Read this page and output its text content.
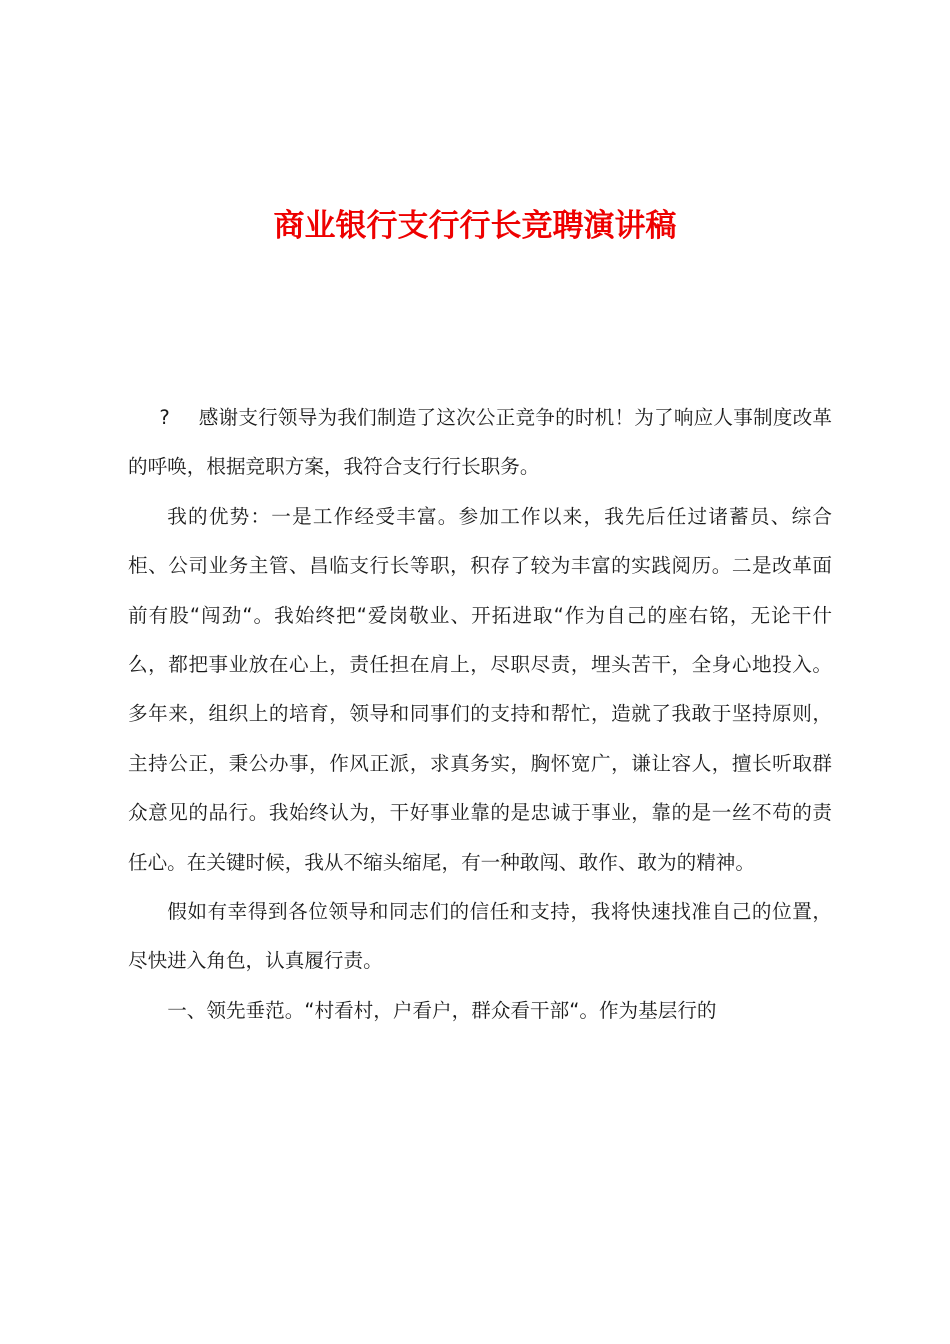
商业银行支行行长竞聘演讲稿

? 感谢支行领导为我们制造了这次公正竞争的时机！为了响应人事制度改革的呼唤，根据竞职方案，我符合支行行长职务。

我的优势：一是工作经受丰富。参加工作以来，我先后任过诸蓄员、综合柜、公司业务主管、昌临支行长等职，积存了较为丰富的实践阅历。二是改革面前有股“闯劲“。我始终把“爱岗敬业、开拓进取“作为自己的座右铭，无论干什么，都把事业放在心上，责任担在肩上，尽职尽责，埋头苦干，全身心地投入。多年来，组织上的培育，领导和同事们的支持和帮忙，造就了我敢于坚持原则，主持公正，秉公办事，作风正派，求真务实，胸怀宽广，谦让容人，擅长听取群众意见的品行。我始终认为，干好事业靠的是忠诚于事业，靠的是一丝不苟的责任心。在关键时候，我从不缩头缩尾，有一种敢闯、敢作、敢为的精神。

假如有幸得到各位领导和同志们的信任和支持，我将快速找准自己的位置，尽快进入角色，认真履行责。

一、领先垂范。“村看村，户看户，群众看干部“。作为基层行的
